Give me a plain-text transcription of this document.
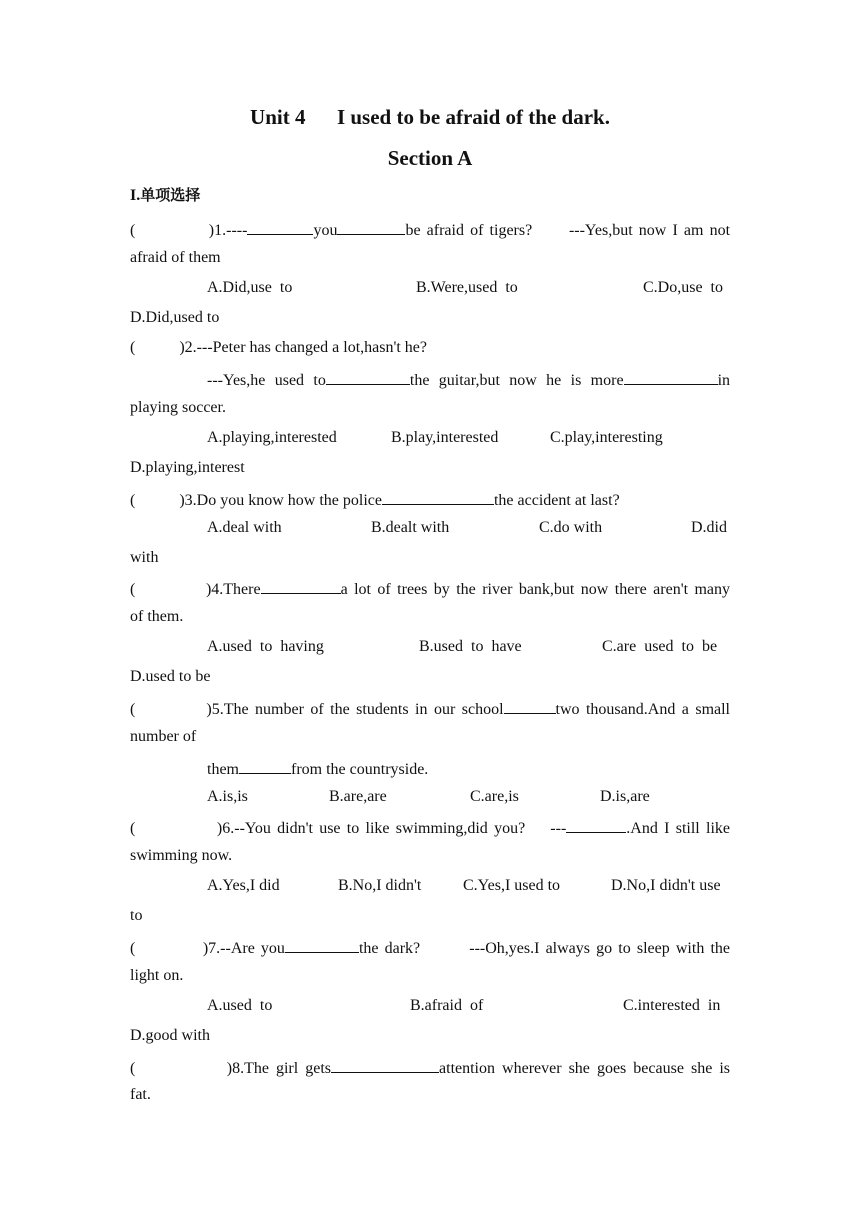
Unit 4      I used to be afraid of the dark.
Section A
I.单项选择
(            )1.----	you	be afraid of tigers?      ---Yes,but now I am not
afraid of them
A.Did,use  to	B.Were,used  to	C.Do,use  to
D.Did,used to
(           )2.---Peter has changed a lot,hasn't he?
---Yes,he used to	the guitar,but now he is more	in
playing soccer.
A.playing,interested	B.play,interested	C.play,interesting
D.playing,interest
(           )3.Do you know how the police	the accident at last?
A.deal with	B.dealt with	C.do with	D.did
with
(           )4.There	a lot of trees by the river bank,but now there aren't many
of them.
A.used  to  having	B.used  to  have	C.are  used  to  be
D.used to be
(           )5.The number of the students in our school	two thousand.And a small
number of
them	from the countryside.
A.is,is	B.are,are	C.are,is	D.is,are
(             )6.--You didn't use to like swimming,did you?    ---	.And I still like
swimming now.
A.Yes,I did	B.No,I didn't	C.Yes,I used to	D.No,I didn't use
to
(           )7.--Are you	the dark?        ---Oh,yes.I always go to sleep with the
light on.
A.used  to	B.afraid  of	C.interested  in
D.good with
(             )8.The girl gets	attention wherever she goes because she is
fat.
